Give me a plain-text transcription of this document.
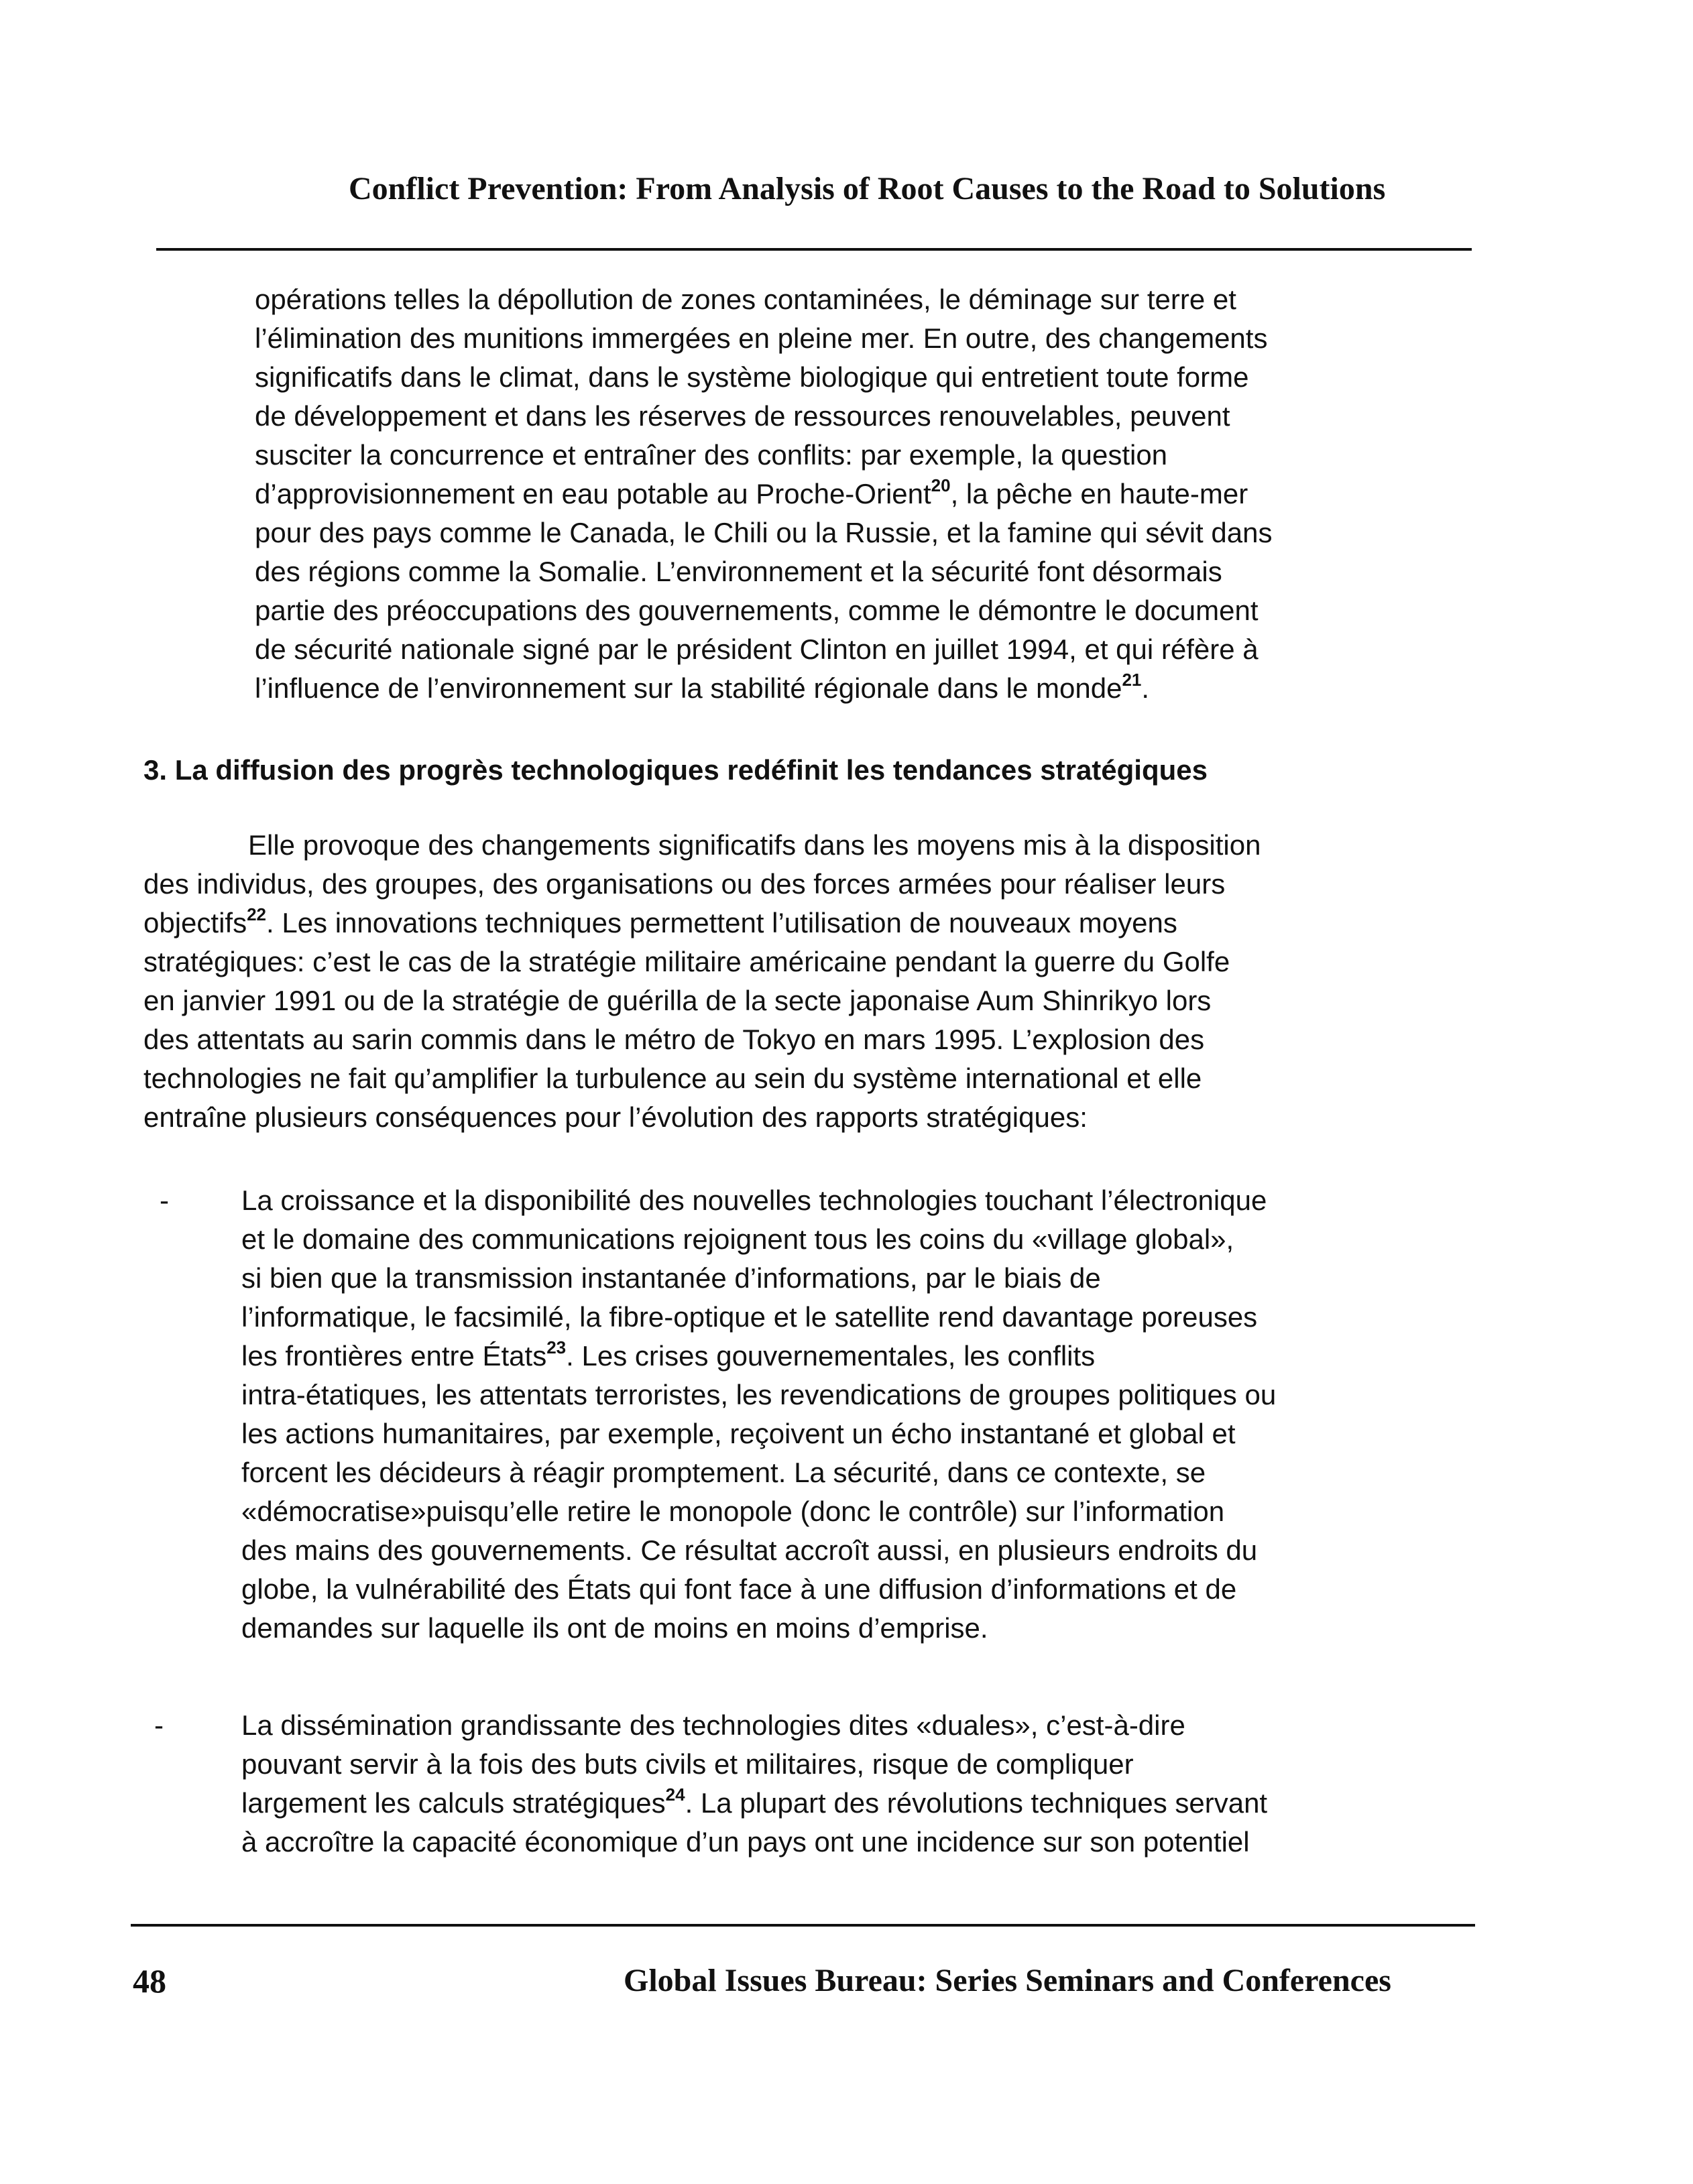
Conflict Prevention: From Analysis of Root Causes to the Road to Solutions
opérations telles la dépollution de zones contaminées, le déminage sur terre et
l’élimination des munitions immergées en pleine mer. En outre, des changements
significatifs dans le climat, dans le système biologique qui entretient toute forme
de développement et dans les réserves de ressources renouvelables, peuvent
susciter la concurrence et entraîner des conflits: par exemple, la question
d’approvisionnement en eau potable au Proche-Orient$^{20}$, la pêche en haute-mer
pour des pays comme le Canada, le Chili ou la Russie, et la famine qui sévit dans
des régions comme la Somalie. L’environnement et la sécurité font désormais
partie des préoccupations des gouvernements, comme le démontre le document
de sécurité nationale signé par le président Clinton en juillet 1994, et qui réfère à
l’influence de l’environnement sur la stabilité régionale dans le monde$^{21}$.
3. La diffusion des progrès technologiques redéfinit les tendances stratégiques
Elle provoque des changements significatifs dans les moyens mis à la disposition
des individus, des groupes, des organisations ou des forces armées pour réaliser leurs
objectifs$^{22}$. Les innovations techniques permettent l’utilisation de nouveaux moyens
stratégiques: c’est le cas de la stratégie militaire américaine pendant la guerre du Golfe
en janvier 1991 ou de la stratégie de guérilla de la secte japonaise Aum Shinrikyo lors
des attentats au sarin commis dans le métro de Tokyo en mars 1995. L’explosion des
technologies ne fait qu’amplifier la turbulence au sein du système international et elle
entraîne plusieurs conséquences pour l’évolution des rapports stratégiques:
-	La croissance et la disponibilité des nouvelles technologies touchant l’électronique
et le domaine des communications rejoignent tous les coins du «village global»,
si bien que la transmission instantanée d’informations, par le biais de
l’informatique, le facsimilé, la fibre-optique et le satellite rend davantage poreuses
les frontières entre États$^{23}$. Les crises gouvernementales, les conflits
intra-étatiques, les attentats terroristes, les revendications de groupes politiques ou
les actions humanitaires, par exemple, reçoivent un écho instantané et global et
forcent les décideurs à réagir promptement. La sécurité, dans ce contexte, se
«démocratise»puisqu’elle retire le monopole (donc le contrôle) sur l’information
des mains des gouvernements. Ce résultat accroît aussi, en plusieurs endroits du
globe, la vulnérabilité des États qui font face à une diffusion d’informations et de
demandes sur laquelle ils ont de moins en moins d’emprise.
-	La dissémination grandissante des technologies dites «duales», c’est-à-dire
pouvant servir à la fois des buts civils et militaires, risque de compliquer
largement les calculs stratégiques$^{24}$. La plupart des révolutions techniques servant
à accroître la capacité économique d’un pays ont une incidence sur son potentiel
48	Global Issues Bureau: Series Seminars and Conferences
